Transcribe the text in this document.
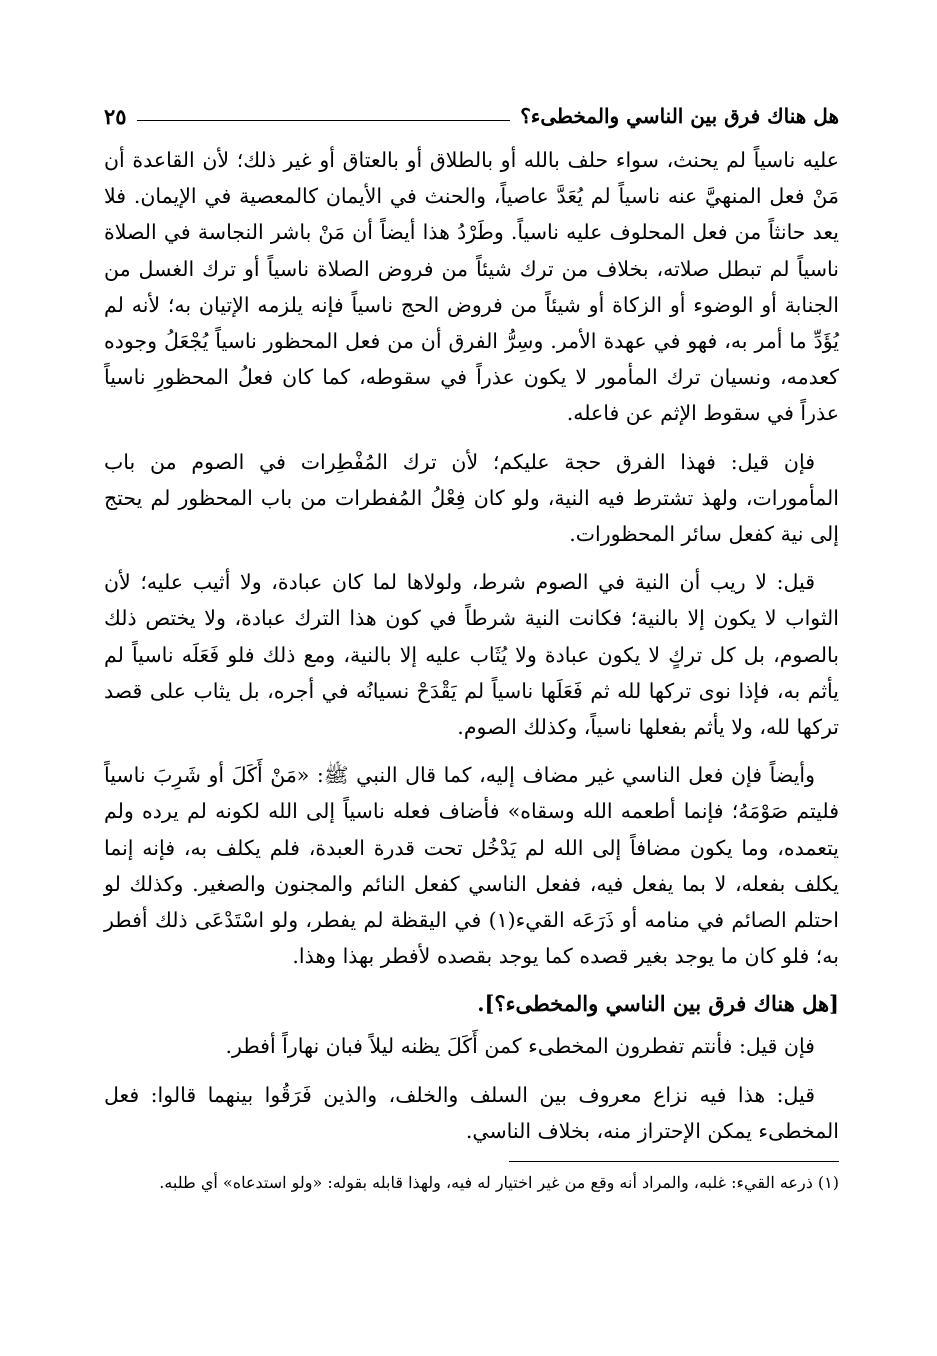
هل هناك فرق بين الناسي والمخطىء؟
٢٥

عليه ناسياً لم يحنث، سواء حلف بالله أو بالطلاق أو بالعتاق أو غير ذلك؛ لأن القاعدة أن مَنْ فعل المنهيَّ عنه ناسياً لم يُعَدَّ عاصياً، والحنث في الأيمان كالمعصية في الإيمان. فلا يعد حانثاً من فعل المحلوف عليه ناسياً. وطَرْدُ هذا أيضاً أن مَنْ باشر النجاسة في الصلاة ناسياً لم تبطل صلاته، بخلاف من ترك شيئاً من فروض الصلاة ناسياً أو ترك الغسل من الجنابة أو الوضوء أو الزكاة أو شيئاً من فروض الحج ناسياً فإنه يلزمه الإتيان به؛ لأنه لم يُؤَدِّ ما أمر به، فهو في عهدة الأمر. وسِرُّ الفرق أن من فعل المحظور ناسياً يُجْعَلُ وجوده كعدمه، ونسيان ترك المأمور لا يكون عذراً في سقوطه، كما كان فعلُ المحظورِ ناسياً عذراً في سقوط الإثم عن فاعله.

فإن قيل: فهذا الفرق حجة عليكم؛ لأن ترك المُفْطِرات في الصوم من باب المأمورات، ولهذ تشترط فيه النية، ولو كان فِعْلُ المُفطرات من باب المحظور لم يحتج إلى نية كفعل سائر المحظورات.

قيل: لا ريب أن النية في الصوم شرط، ولولاها لما كان عبادة، ولا أثيب عليه؛ لأن الثواب لا يكون إلا بالنية؛ فكانت النية شرطاً في كون هذا الترك عبادة، ولا يختص ذلك بالصوم، بل كل تركٍ لا يكون عبادة ولا يُثَاب عليه إلا بالنية، ومع ذلك فلو فَعَلَه ناسياً لم يأثم به، فإذا نوى تركها لله ثم فَعَلَها ناسياً لم يَقْدَحْ نسيانُه في أجره، بل يثاب على قصد تركها لله، ولا يأثم بفعلها ناسياً، وكذلك الصوم.

وأيضاً فإن فعل الناسي غير مضاف إليه، كما قال النبي ﷺ: «مَنْ أَكَلَ أو شَرِبَ ناسياً فليتم صَوْمَهُ؛ فإنما أطعمه الله وسقاه» فأضاف فعله ناسياً إلى الله لكونه لم يرده ولم يتعمده، وما يكون مضافاً إلى الله لم يَدْخُل تحت قدرة العبدة، فلم يكلف به، فإنه إنما يكلف بفعله، لا بما يفعل فيه، ففعل الناسي كفعل النائم والمجنون والصغير. وكذلك لو احتلم الصائم في منامه أو ذَرَعَه القيء(١) في اليقظة لم يفطر، ولو اسْتَدْعَى ذلك أفطر به؛ فلو كان ما يوجد بغير قصده كما يوجد بقصده لأفطر بهذا وهذا.

[هل هناك فرق بين الناسي والمخطىء؟].

فإن قيل: فأنتم تفطرون المخطىء كمن أَكَلَ يظنه ليلاً فبان نهاراً أفطر.

قيل: هذا فيه نزاع معروف بين السلف والخلف، والذين فَرَقُوا بينهما قالوا: فعل المخطىء يمكن الإحتراز منه، بخلاف الناسي.

(١) ذرعه القيء: غلبه، والمراد أنه وقع من غير اختيار له فيه، ولهذا قابله بقوله: «ولو استدعاه» أي طلبه.
